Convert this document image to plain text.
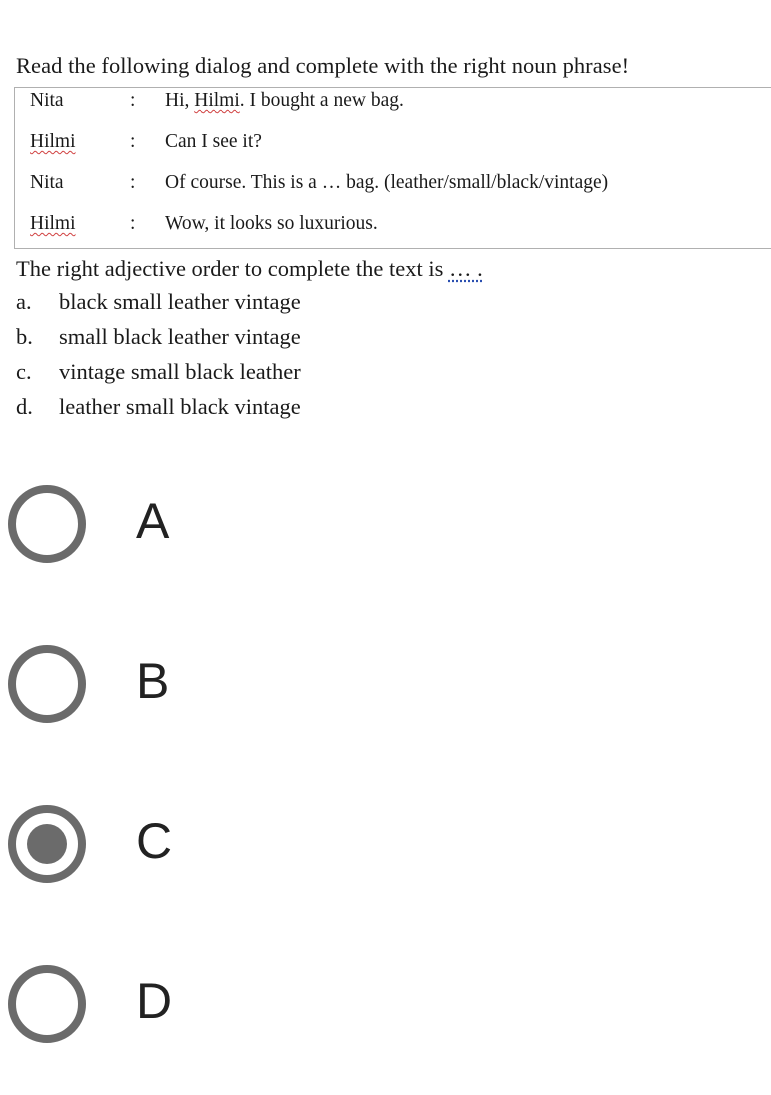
Read the following dialog and complete with the right noun phrase!
Nita	: Hi, Hilmi. I bought a new bag.
Hilmi	: Can I see it?
Nita	: Of course. This is a … bag. (leather/small/black/vintage)
Hilmi	: Wow, it looks so luxurious.
The right adjective order to complete the text is … .
a. black small leather vintage
b. small black leather vintage
c. vintage small black leather
d. leather small black vintage
A
B
C
D
